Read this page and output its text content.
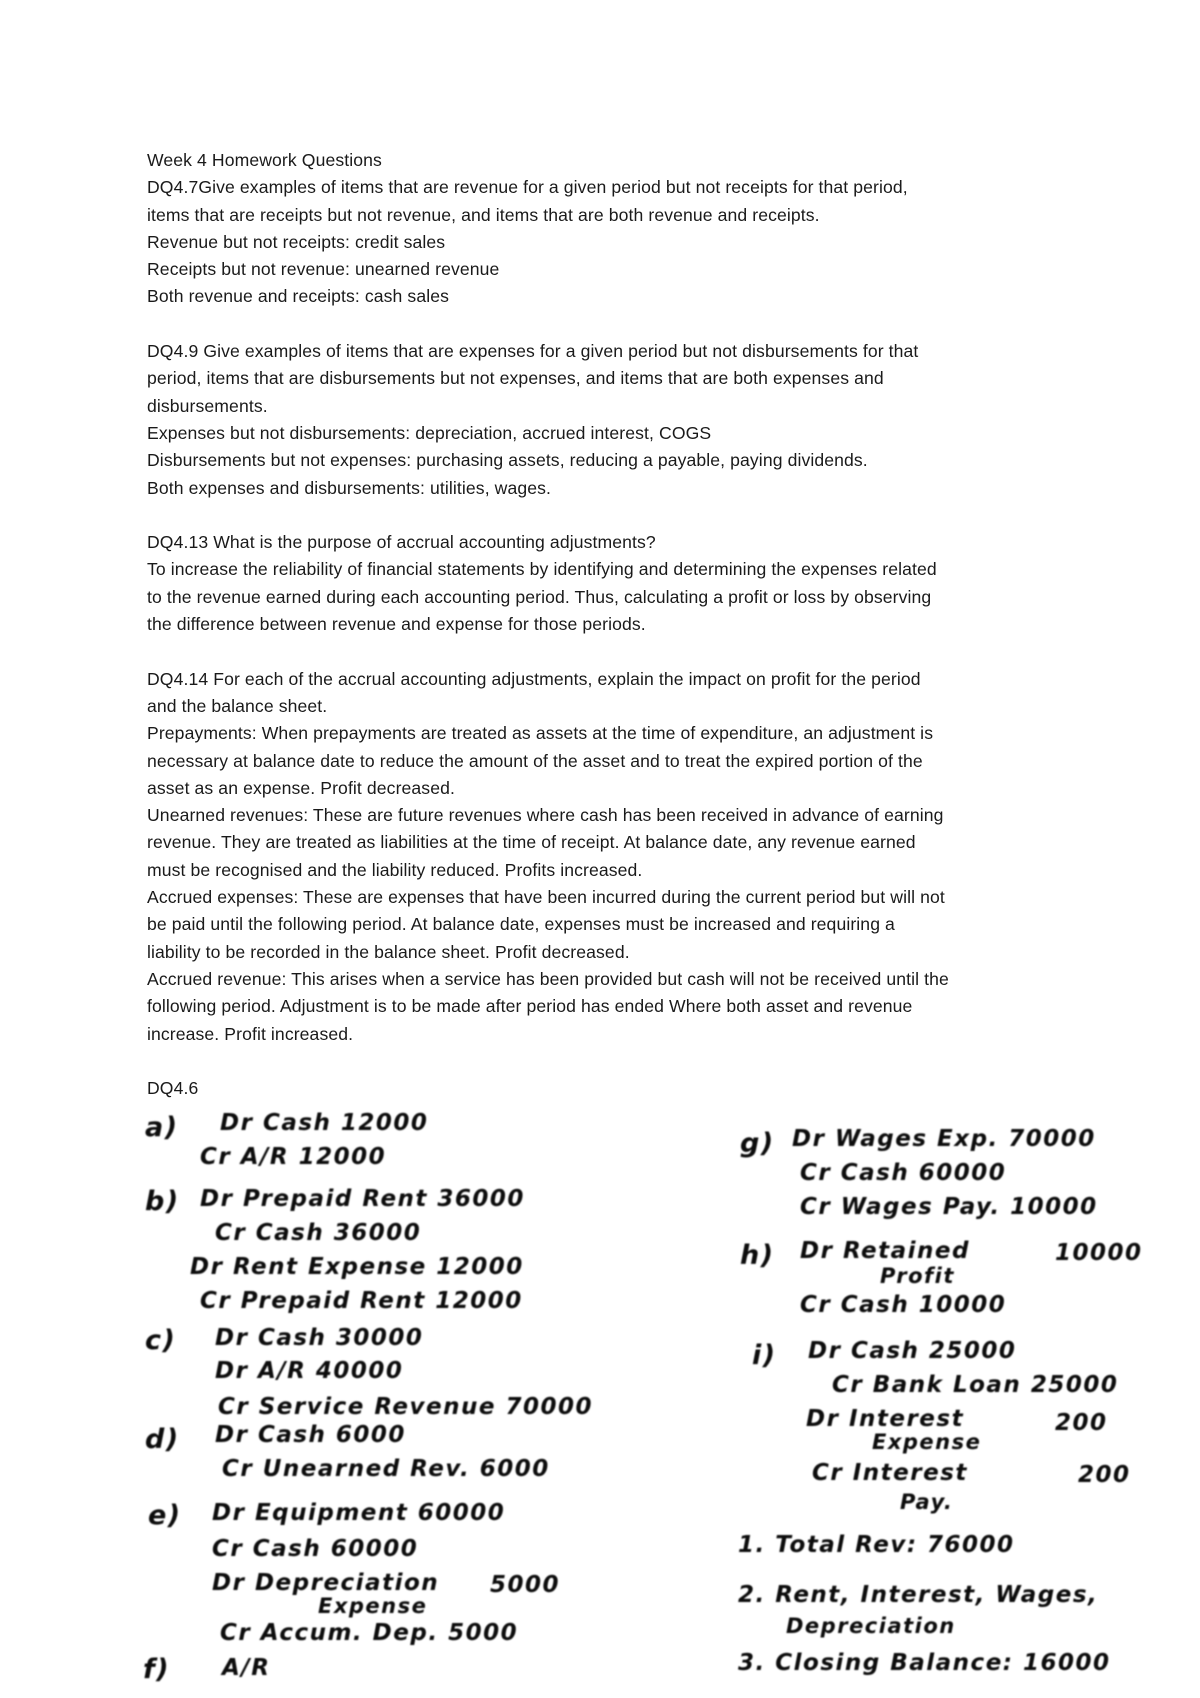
Week 4 Homework Questions
DQ4.7Give examples of items that are revenue for a given period but not receipts for that period,
items that are receipts but not revenue, and items that are both revenue and receipts.
Revenue but not receipts: credit sales
Receipts but not revenue: unearned revenue
Both revenue and receipts: cash sales
DQ4.9 Give examples of items that are expenses for a given period but not disbursements for that
period, items that are disbursements but not expenses, and items that are both expenses and
disbursements.
Expenses but not disbursements: depreciation, accrued interest, COGS
Disbursements but not expenses: purchasing assets, reducing a payable, paying dividends.
Both expenses and disbursements: utilities, wages.
DQ4.13 What is the purpose of accrual accounting adjustments?
To increase the reliability of financial statements by identifying and determining the expenses related
to the revenue earned during each accounting period. Thus, calculating a profit or loss by observing
the difference between revenue and expense for those periods.
DQ4.14 For each of the accrual accounting adjustments, explain the impact on profit for the period
and the balance sheet.
Prepayments: When prepayments are treated as assets at the time of expenditure, an adjustment is
necessary at balance date to reduce the amount of the asset and to treat the expired portion of the
asset as an expense. Profit decreased.
Unearned revenues: These are future revenues where cash has been received in advance of earning
revenue. They are treated as liabilities at the time of receipt. At balance date, any revenue earned
must be recognised and the liability reduced. Profits increased.
Accrued expenses: These are expenses that have been incurred during the current period but will not
be paid until the following period. At balance date, expenses must be increased and requiring a
liability to be recorded in the balance sheet. Profit decreased.
Accrued revenue: This arises when a service has been provided but cash will not be received until the
following period. Adjustment is to be made after period has ended Where both asset and revenue
increase. Profit increased.
DQ4.6
a) Dr Cash 12000
Cr A/R 12000
b) Dr Prepaid Rent 36000
Cr Cash 36000
Dr Rent Expense 12000
Cr Prepaid Rent 12000
c) Dr Cash 30000
Dr A/R 40000
Cr Service Revenue 70000
d) Dr Cash 6000
Cr Unearned Rev. 6000
e) Dr Equipment 60000
Cr Cash 60000
Dr Depreciation
Expense
5000
Cr Accum. Dep. 5000
f) A/R
g) Dr Wages Exp. 70000
Cr Cash 60000
Cr Wages Pay. 10000
h) Dr Retained
Profit
10000
Cr Cash 10000
i) Dr Cash 25000
Cr Bank Loan 25000
Dr Interest
Expense
200
Cr Interest
Pay.
200
1. Total Rev: 76000
2. Rent, Interest, Wages,
Depreciation
3. Closing Balance: 16000
